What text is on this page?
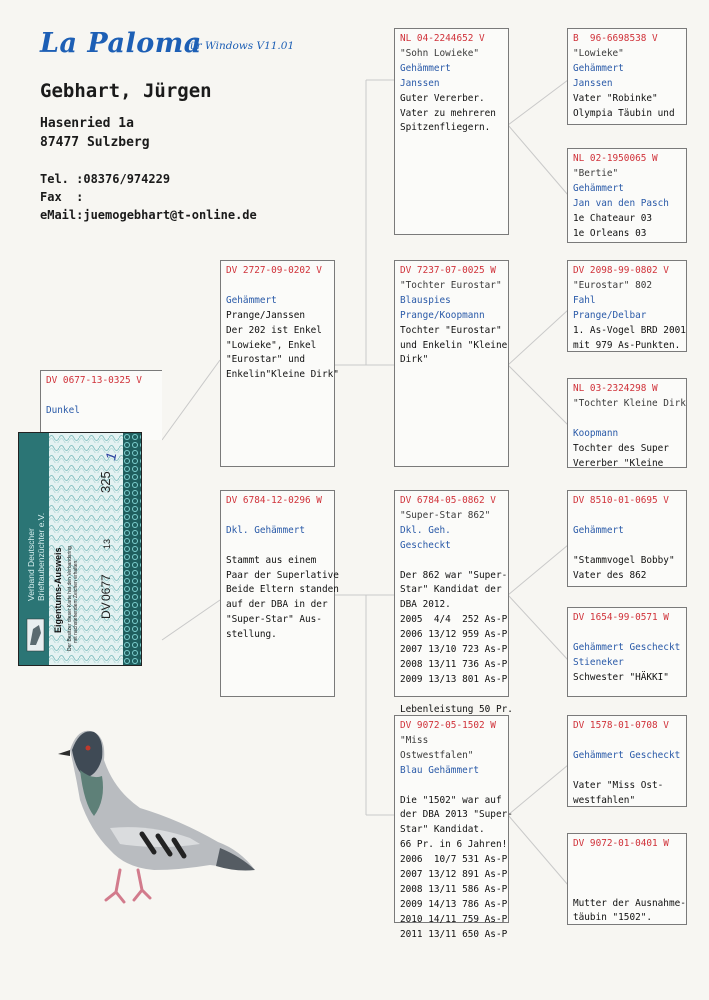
La Paloma
für Windows V11.01
Gebhart, Jürgen
Hasenried 1a
87477 Sulzberg
Tel. :08376/974229
Fax  :
eMail:juemogebhart@t-online.de
DV 0677-13-0325 V
Dunkel
DV 2727-09-0202 V
Gehämmert
Prange/Janssen
Der 202 ist Enkel
"Lowieke", Enkel
"Eurostar" und
Enkelin"Kleine Dirk"
DV 6784-12-0296 W
Dkl. Gehämmert
Stammt aus einem
Paar der Superlative
Beide Eltern standen
auf der DBA in der
"Super-Star" Aus-
stellung.
NL 04-2244652 V
"Sohn Lowieke"
Gehämmert
Janssen
Guter Vererber.
Vater zu mehreren
Spitzenfliegern.
DV 7237-07-0025 W
"Tochter Eurostar"
Blauspies
Prange/Koopmann
Tochter "Eurostar"
und Enkelin "Kleine
Dirk"
DV 6784-05-0862 V
"Super-Star 862"
Dkl. Geh. Gescheckt
Der 862 war "Super-
Star" Kandidat der
DBA 2012.
2005  4/4  252 As-P
2006 13/12 959 As-P
2007 13/10 723 As-P
2008 13/11 736 As-P
2009 13/13 801 As-P
Lebenleistung 50 Pr.
DV 9072-05-1502 W
"Miss Ostwestfalen"
Blau Gehämmert
Die "1502" war auf
der DBA 2013 "Super-
Star" Kandidat.
66 Pr. in 6 Jahren!
2006  10/7 531 As-P
2007 13/12 891 As-P
2008 13/11 586 As-P
2009 14/13 786 As-P
2010 14/11 759 As-P
2011 13/11 650 As-P
B  96-6698538 V
"Lowieke"
Gehämmert
Janssen
Vater "Robinke"
Olympia Täubin und
NL 02-1950065 W
"Bertie"
Gehämmert
Jan van den Pasch
1e Chateaur 03
1e Orleans 03
DV 2098-99-0802 V
"Eurostar" 802
Fahl
Prange/Delbar
1. As-Vogel BRD 2001
mit 979 As-Punkten.
NL 03-2324298 W
"Tochter Kleine Dirk
Koopmann
Tochter des Super
Vererber "Kleine
DV 8510-01-0695 V
Gehämmert
"Stammvogel Bobby"
Vater des 862
DV 1654-99-0571 W
Gehämmert Gescheckt
Stieneker
Schwester "HÄKKI"
DV 1578-01-0708 V
Gehämmert Gescheckt
Vater "Miss Ost-
westfahlen"
DV 9072-01-0401 W
Mutter der Ausnahme-
täubin "1502".
Verband Deutscher Brieftaubenzüchter e.V. Eigentums-Ausweis Der Besitzer dieser Karte hat den Verbandsring mit nachstehendem Zeichen erhalten: DV
0677
13
325
1
